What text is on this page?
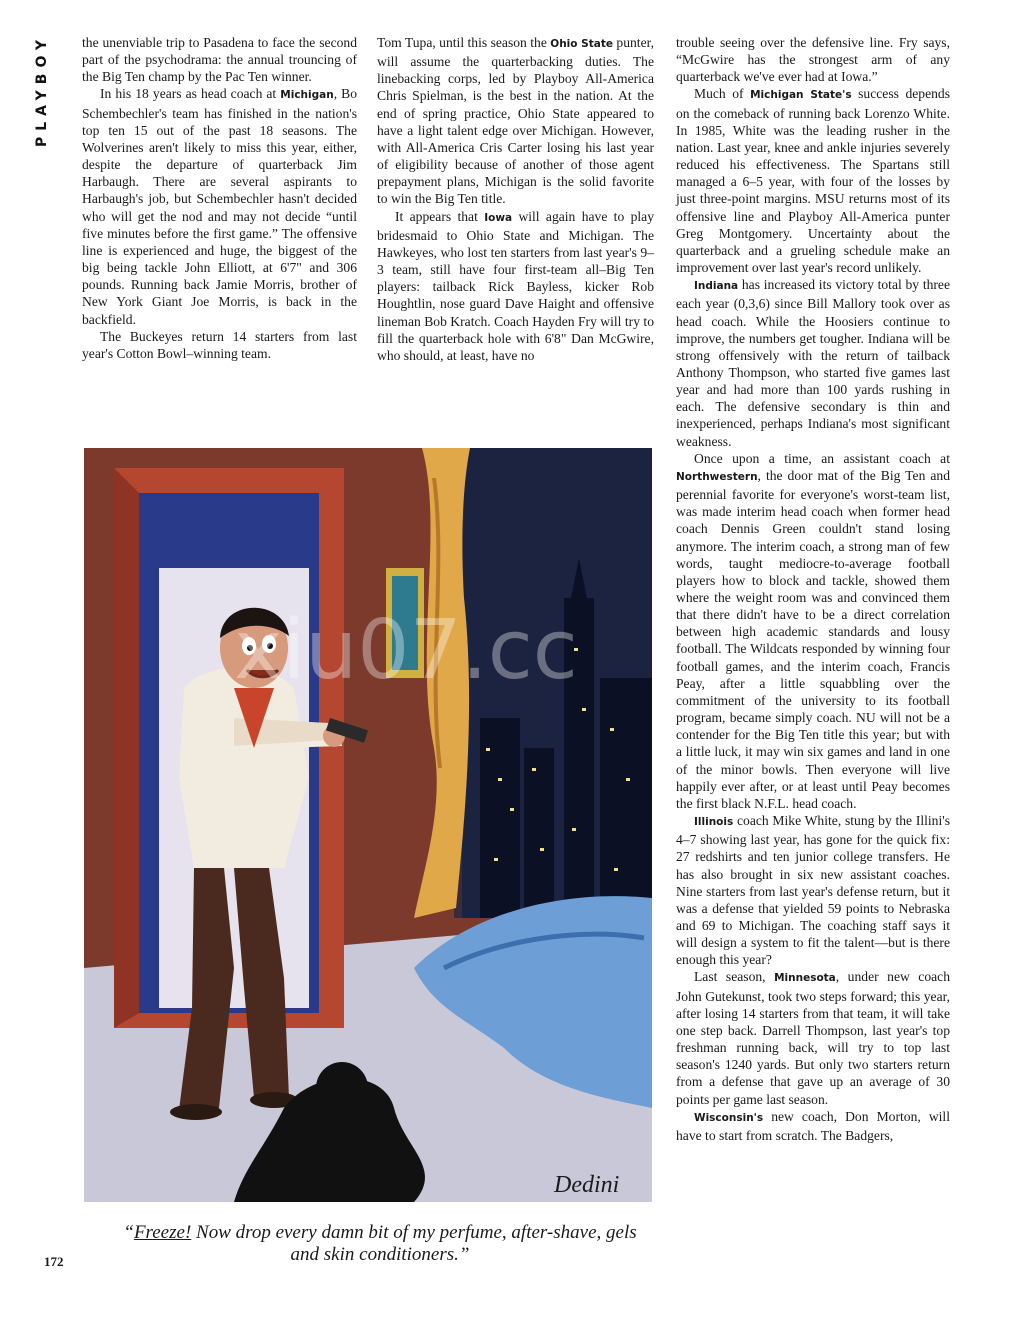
PLAYBOY	the unenviable trip to Pasadena to face the second part of the psychodrama: the annual trouncing of the Big Ten champ by the Pac Ten winner.

In his 18 years as head coach at Michigan, Bo Schembechler's team has finished in the nation's top ten 15 out of the past 18 seasons. The Wolverines aren't likely to miss this year, either, despite the departure of quarterback Jim Harbaugh. There are several aspirants to Harbaugh's job, but Schembechler hasn't decided who will get the nod and may not decide “until five minutes before the first game.” The offensive line is experienced and huge, the biggest of the big being tackle John Elliott, at 6'7" and 306 pounds. Running back Jamie Morris, brother of New York Giant Joe Morris, is back in the backfield.

The Buckeyes return 14 starters from last year's Cotton Bowl–winning team.

Tom Tupa, until this season the Ohio State punter, will assume the quarterbacking duties. The linebacking corps, led by Playboy All-America Chris Spielman, is the best in the nation. At the end of spring practice, Ohio State appeared to have a light talent edge over Michigan. However, with All-America Cris Carter losing his last year of eligibility because of another of those agent prepayment plans, Michigan is the solid favorite to win the Big Ten title.

It appears that Iowa will again have to play bridesmaid to Ohio State and Michigan. The Hawkeyes, who lost ten starters from last year's 9–3 team, still have four first-team all–Big Ten players: tailback Rick Bayless, kicker Rob Houghtlin, nose guard Dave Haight and offensive lineman Bob Kratch. Coach Hayden Fry will try to fill the quarterback hole with 6'8" Dan McGwire, who should, at least, have no

trouble seeing over the defensive line. Fry says, “McGwire has the strongest arm of any quarterback we've ever had at Iowa.”

Much of Michigan State's success depends on the comeback of running back Lorenzo White. In 1985, White was the leading rusher in the nation. Last year, knee and ankle injuries severely reduced his effectiveness. The Spartans still managed a 6–5 year, with four of the losses by just three-point margins. MSU returns most of its offensive line and Playboy All-America punter Greg Montgomery. Uncertainty about the quarterback and a grueling schedule make an improvement over last year's record unlikely.

Indiana has increased its victory total by three each year (0,3,6) since Bill Mallory took over as head coach. While the Hoosiers continue to improve, the numbers get tougher. Indiana will be strong offensively with the return of tailback Anthony Thompson, who started five games last year and had more than 100 yards rushing in each. The defensive secondary is thin and inexperienced, perhaps Indiana's most significant weakness.

Once upon a time, an assistant coach at Northwestern, the door mat of the Big Ten and perennial favorite for everyone's worst-team list, was made interim head coach when former head coach Dennis Green couldn't stand losing anymore. The interim coach, a strong man of few words, taught mediocre-to-average football players how to block and tackle, showed them where the weight room was and convinced them that there didn't have to be a direct correlation between high academic standards and lousy football. The Wildcats responded by winning four football games, and the interim coach, Francis Peay, after a little squabbling over the commitment of the university to its football program, became simply coach. NU will not be a contender for the Big Ten title this year; but with a little luck, it may win six games and land in one of the minor bowls. Then everyone will live happily ever after, or at least until Peay becomes the first black N.F.L. head coach.

Illinois coach Mike White, stung by the Illini's 4–7 showing last year, has gone for the quick fix: 27 redshirts and ten junior college transfers. He has also brought in six new assistant coaches. Nine starters from last year's defense return, but it was a defense that yielded 59 points to Nebraska and 69 to Michigan. The coaching staff says it will design a system to fit the talent—but is there enough this year?

Last season, Minnesota, under new coach John Gutekunst, took two steps forward; this year, after losing 14 starters from that team, it will take one step back. Darrell Thompson, last year's top freshman running back, will try to top last season's 1240 yards. But only two starters return from a defense that gave up an average of 30 points per game last season.

Wisconsin's new coach, Don Morton, will have to start from scratch. The Badgers,

xiu07.cc
Dedini
“Freeze! Now drop every damn bit of my perfume, after-shave, gels and skin conditioners.”
172
